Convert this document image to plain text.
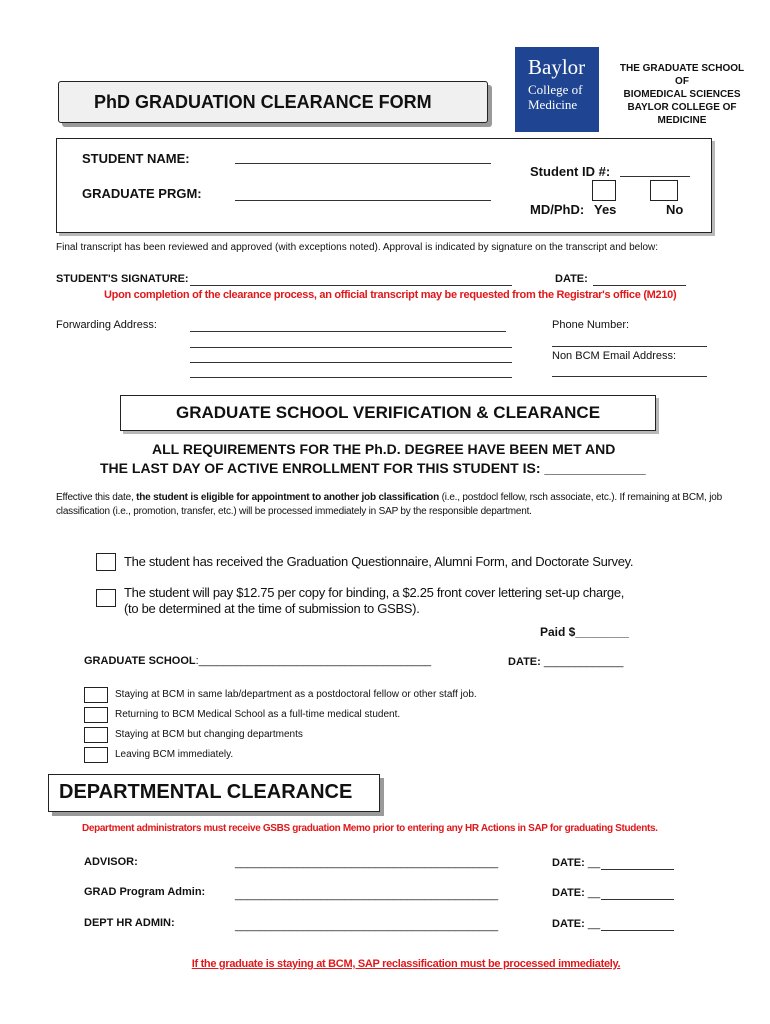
Baylor
College of
Medicine
THE GRADUATE SCHOOL OF
BIOMEDICAL SCIENCES
BAYLOR COLLEGE OF
MEDICINE
PhD GRADUATION CLEARANCE FORM
STUDENT NAME:
GRADUATE PRGM:
Student ID #:
MD/PhD: Yes	No
Final transcript has been reviewed and approved (with exceptions noted). Approval is indicated by signature on the transcript and below:
STUDENT'S SIGNATURE:	DATE:
Upon completion of the clearance process, an official transcript may be requested from the Registrar's office (M210)
Forwarding Address:	Phone Number:
Non BCM Email Address:
GRADUATE SCHOOL VERIFICATION & CLEARANCE
ALL REQUIREMENTS FOR THE Ph.D. DEGREE HAVE BEEN MET AND
THE LAST DAY OF ACTIVE ENROLLMENT FOR THIS STUDENT IS: _____________
Effective this date, the student is eligible for appointment to another job classification (i.e., postdocl fellow, rsch associate, etc.). If remaining at BCM, job
classification (i.e., promotion, transfer, etc.) will be processed immediately in SAP by the responsible department.
The student has received the Graduation Questionnaire, Alumni Form, and Doctorate Survey.
The student will pay $12.75 per copy for binding, a $2.25 front cover lettering set-up charge,
(to be determined at the time of submission to GSBS).
Paid $________
GRADUATE SCHOOL:______________________________________	DATE: _____________
Staying at BCM in same lab/department as a postdoctoral fellow or other staff job.
Returning to BCM Medical School as a full-time medical student.
Staying at BCM but changing departments
Leaving BCM immediately.
DEPARTMENTAL CLEARANCE
Department administrators must receive GSBS graduation Memo prior to entering any HR Actions in SAP for graduating Students.
ADVISOR:	___________________________________________	DATE: __
GRAD Program Admin:	___________________________________________	DATE: __
DEPT HR ADMIN:	___________________________________________	DATE: __
If the graduate is staying at BCM, SAP reclassification must be processed immediately.
